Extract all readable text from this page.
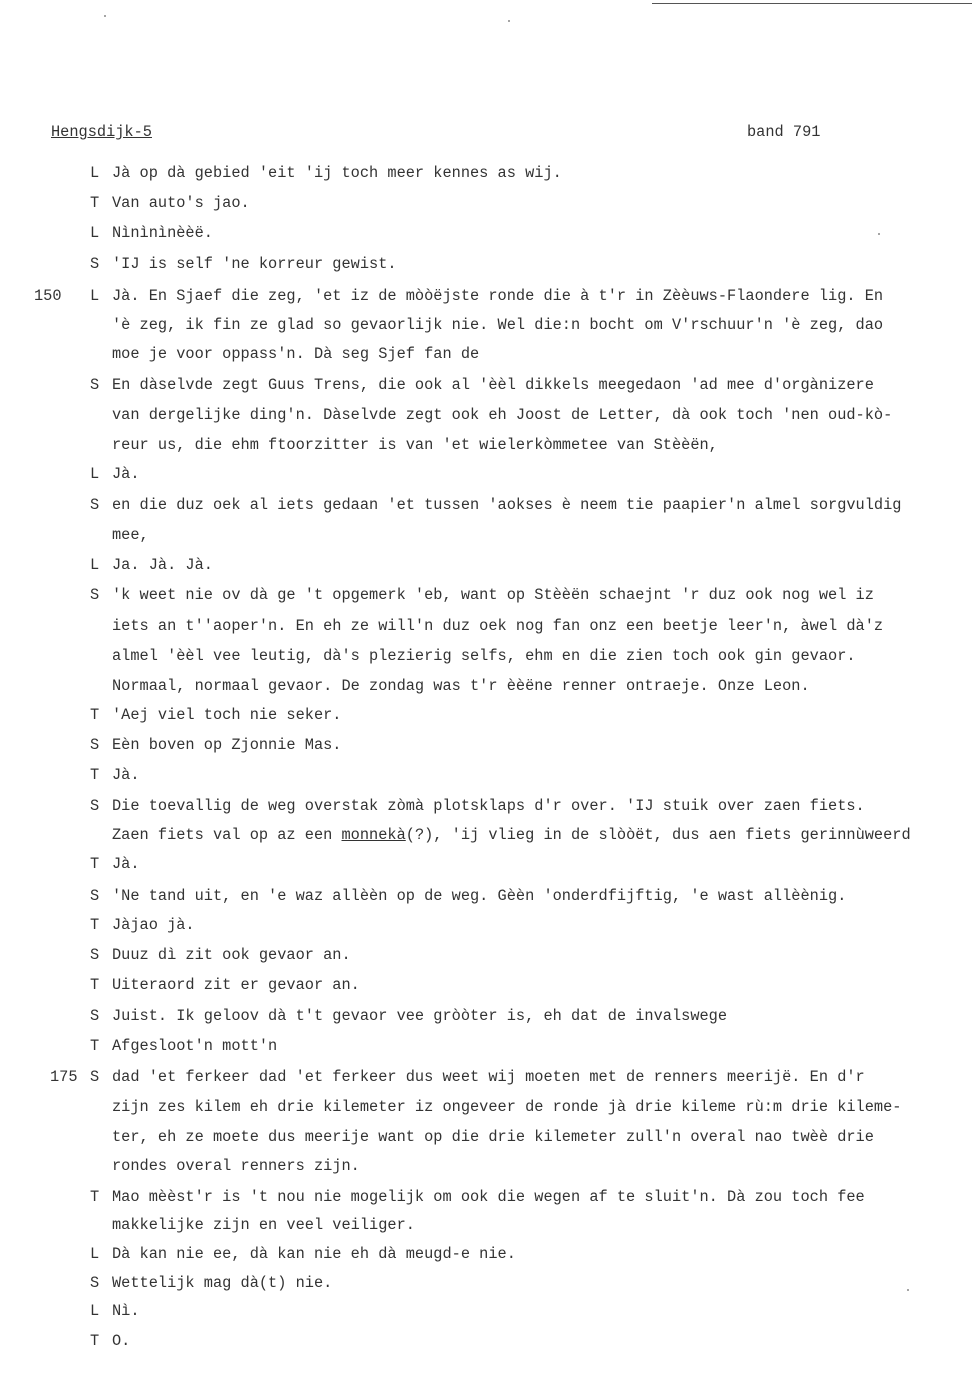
Hengsdijk-5	band 791
150
175
L Jà op dà gebied 'eit 'ij toch meer kennes as wij.
T Van auto's jao.
L Nìnìnìnèèë.
S 'IJ is self 'ne korreur gewist.
L Jà. En Sjaef die zeg, 'et iz de mòòëjste ronde die à t'r in Zèèuws-Flaondere lig. En
'è zeg, ik fin ze glad so gevaorlijk nie. Wel die:n bocht om V'rschuur'n 'è zeg, dao
moe je voor oppass'n. Dà seg Sjef fan de
S En dàselvde zegt Guus Trens, die ook al 'èèl dikkels meegedaon 'ad mee d'orgànizere
van dergelijke ding'n. Dàselvde zegt ook eh Joost de Letter, dà ook toch 'nen oud-kò-
reur us, die ehm ftoorzitter is van 'et wielerkòmmetee van Stèèën,
L Jà.
S en die duz oek al iets gedaan 'et tussen 'aokses è neem tie paapier'n almel sorgvuldig
mee,
L Ja. Jà. Jà.
S 'k weet nie ov dà ge 't opgemerk 'eb, want op Stèèën schaejnt 'r duz ook nog wel iz
iets an t''aoper'n. En eh ze will'n duz oek nog fan onz een beetje leer'n, àwel dà'z
almel 'èèl vee leutig, dà's plezierig selfs, ehm en die zien toch ook gin gevaor.
Normaal, normaal gevaor. De zondag was t'r èèëne renner ontraeje. Onze Leon.
T 'Aej viel toch nie seker.
S Eèn boven op Zjonnie Mas.
T Jà.
S Die toevallig de weg overstak zòmà plotsklaps d'r over. 'IJ stuik over zaen fiets.
Zaen fiets val op az een monnekà(?), 'ij vlieg in de slòòët, dus aen fiets gerinnùweerd
T Jà.
S 'Ne tand uit, en 'e waz allèèn op de weg. Gèèn 'onderdfijftig, 'e wast allèènig.
T Jàjao jà.
S Duuz dì zit ook gevaor an.
T Uiteraord zit er gevaor an.
S Juist. Ik geloov dà t't gevaor vee gròòter is, eh dat de invalswege
T Afgesloot'n mott'n
S dad 'et ferkeer dad 'et ferkeer dus weet wij moeten met de renners meerijë. En d'r
zijn zes kilem eh drie kilemeter iz ongeveer de ronde jà drie kileme rù:m drie kileme-
ter, eh ze moete dus meerije want op die drie kilemeter zull'n overal nao twèè drie
rondes overal renners zijn.
T Mao mèèst'r is 't nou nie mogelijk om ook die wegen af te sluit'n. Dà zou toch fee
makkelijke zijn en veel veiliger.
L Dà kan nie ee, dà kan nie eh dà meugd-e nie.
S Wettelijk mag dà(t) nie.
L Nì.
T O.
